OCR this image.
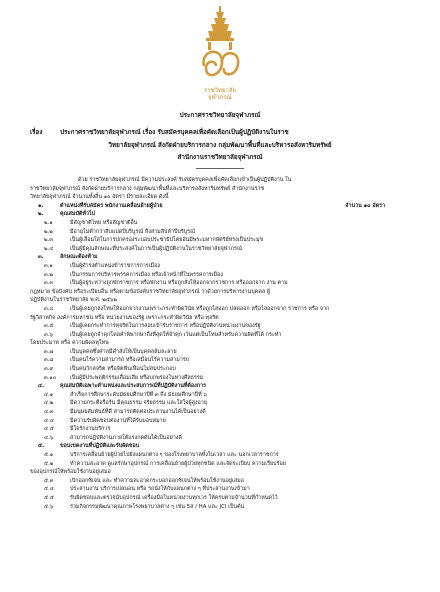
ราชวิทยาลัย
จุฬาภรณ์
ประกาศราชวิทยาลัยจุฬาภรณ์
เรื่อง	ประกาศราชวิทยาลัยจุฬาภรณ์ เรื่อง รับสมัครบุคคลเพื่อคัดเลือกเป็นผู้ปฏิบัติงานในราช
วิทยาลัยจุฬาภรณ์ สังกัดฝ่ายบริการกลาง กลุ่มพัฒนาพื้นที่และบริหารอสังหาริมทรัพย์
สำนักงานราชวิทยาลัยจุฬาภรณ์

ด้วย ราชวิทยาลัยจุฬาภรณ์ มีความประสงค์ รับสมัครบุคคลเพื่อคัดเลือกเข้าเป็นผู้ปฏิบัติงาน ใน

ราชวิทยาลัยจุฬาภรณ์ สังกัดฝ่ายบริการกลาง กลุ่มพัฒนาพื้นที่และบริหารอสังหาริมทรัพย์ สำนักงานราช

วิทยาลัยจุฬาภรณ์ จำนวนทั้งสิ้น ๑๐ อัตรา มีรายละเอียด ดังนี้

๑.	ตำแหน่งที่รับสมัคร พนักงานเคลื่อนย้ายผู้ป่วย	จำนวน ๑๐ อัตรา
๒.	คุณสมบัติทั่วไป
๒.๑	มีสัญชาติไทย หรือสัญชาติอื่น
๒.๒	มีอายุไม่ต่ำกว่าสิบแปดปีบริบูรณ์ ถึงสามสิบห้าปีบริบูรณ์
๒.๓	เป็นผู้เลื่อมใสในการปกครองระบอบประชาธิปไตยอันมีพระมหากษัตริย์ทรงเป็นประมุข
๒.๔	เป็นผู้มีคุณลักษณะที่ประสงค์ในการเป็นผู้ปฏิบัติงานในราชวิทยาลัยจุฬาภรณ์
๓.	ลักษณะต้องห้าม
๓.๑	เป็นผู้ดำรงตำแหน่งข้าราชการการเมือง
๓.๒	เป็นกรรมการบริหารพรรคการเมือง หรือเจ้าหน้าที่ในพรรคการเมือง
๓.๓	เป็นผู้อยู่ระหว่างถูกพักราชการ หรือพักงาน หรือถูกสั่งให้ออกจากราชการ หรือออกจาก งาน ตาม
กฎหมาย ข้อบังคับ หรือระเบียบอื่น หรือตามข้อบังคับราชวิทยาลัยจุฬาภรณ์ ว่าด้วยการบริหารงานบุคคล ผู้
ปฏิบัติงานในราชวิทยาลัย พ.ศ. ๒๕๖๒
๓.๔	เป็นผู้เคยถูกลงโทษให้ออกจากงานเพราะกระทำผิดวินัย หรือถูกไล่ออก ปลดออก หรือไล่ออกจาก ราชการ หรือ จาก
รัฐวิสาหกิจ องค์การมหาชน หรือ หน่วยงานของรัฐ เพราะกระทำผิดวินัย หรือ ทุจริต
๓.๕	เป็นผู้เคยกระทำการทุจริตในการสอบเข้ารับราชการ หรือปฏิบัติงานหน่วยงานของรัฐ
๓.๖	เป็นผู้เคยถูกจำคุกโดยคำพิพากษาถึงที่สุดให้จำคุก เว้นแต่เป็นโทษสำหรับความผิดที่ได้ กระทำ
โดยประมาท หรือ ความผิดลหุโทษ
๓.๗	เป็นบุคคลซึ่งศาลมีคำสั่งให้เป็นบุคคลล้มละลาย
๓.๘	เป็นคนไร้ความสามารถ หรือเสมือนไร้ความสามารถ
๓.๙	เป็นคนวิกลจริต หรือจิตฟั่นเฟือนไม่สมประกอบ
๓.๑๐	เป็นผู้มีประพฤติกรรมเสื่อมเสีย หรือบกพร่องในทางศีลธรรม
๔.	คุณสมบัติเฉพาะตำแหน่งและประสบการณ์ที่ปฏิบัติงานที่ต้องการ
๔.๑	สำเร็จการศึกษาระดับมัธยมศึกษาปีที่ ๓ ถึง มัธยมศึกษาปีที่ ๖
๔.๒	มีความกระตือรือร้น มีคุณธรรม จริยธรรม และใส่ใจผู้สูงอายุ
๔.๓	มีมนุษยสัมพันธ์ที่ดี สามารถติดต่อประสานงานได้เป็นอย่างดี
๔.๔	มีความรับผิดชอบต่องานที่ได้รับมอบหมาย
๔.๕	มีใจรักงานบริการ
๔.๖	สามารถปฏิบัติงานภายใต้แรงกดดันได้เป็นอย่างดี
๕.	ขอบเขตงานที่ปฏิบัติและรับผิดชอบ
๕.๑	บริการเคลื่อนย้ายผู้ป่วยไปยังแผนกต่าง ๆ ของโรงพยาบาลทั้งในเวลา และ นอกเวลาราชการ
๕.๒	ทำความสะอาด ดูแลรักษาอุปกรณ์ การเคลื่อนย้ายผู้ป่วยทุกชนิด และจัดระเบียบ ความเรียบร้อย
ของอุปกรณ์ให้พร้อมใช้งานอยู่เสมอ
๕.๓	เบิกออกซิเจน และ ทำความสะอาดกระบอกออกซิเจนให้พร้อมใช้งานอยู่เสมอ
๕.๔	ประสานงาน บริการเปลนอน หรือ รถนั่งให้กับแผนกต่าง ๆ ที่ประสานงานเข้ามา
๕.๕	รับผิดชอบและตรวจนับอุปกรณ์ เครื่องมือในหน่วยงานทุกเวร ให้ครบตามจำนวนที่กำหนดไว้
๕.๖	ร่วมกิจกรรมพัฒนาคุณภาพโรงพยาบาลต่าง ๆ เช่น 5ส / HA และ JCI เป็นต้น
